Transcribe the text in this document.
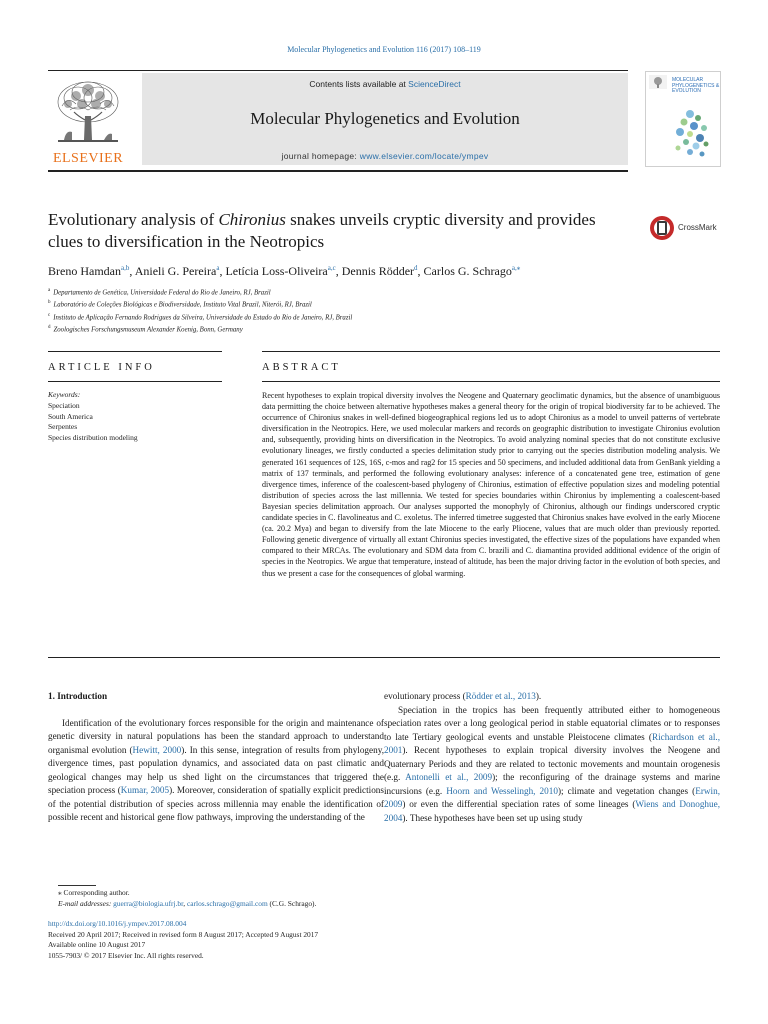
Molecular Phylogenetics and Evolution 116 (2017) 108–119
ELSEVIER
Contents lists available at ScienceDirect
Molecular Phylogenetics and Evolution
journal homepage: www.elsevier.com/locate/ympev
MOLECULAR PHYLOGENETICS & EVOLUTION
Evolutionary analysis of Chironius snakes unveils cryptic diversity and provides clues to diversification in the Neotropics
CrossMark
Breno Hamdan$^{a,b}$, Anieli G. Pereira$^a$, Letícia Loss-Oliveira$^{a,c}$, Dennis Rödder$^d$, Carlos G. Schrago$^{a,⁎}$
$^a$ Departamento de Genética, Universidade Federal do Rio de Janeiro, RJ, Brazil
$^b$ Laboratório de Coleções Biológicas e Biodiversidade, Instituto Vital Brazil, Niterói, RJ, Brazil
$^c$ Instituto de Aplicação Fernando Rodrigues da Silveira, Universidade do Estado do Rio de Janeiro, RJ, Brazil
$^d$ Zoologisches Forschungsmuseum Alexander Koenig, Bonn, Germany
ARTICLE INFO	ABSTRACT
Keywords:
Speciation
South America
Serpentes
Species distribution modeling
Recent hypotheses to explain tropical diversity involves the Neogene and Quaternary geoclimatic dynamics, but the absence of unambiguous data permitting the choice between alternative hypotheses makes a general theory for the origin of tropical biodiversity far to be achieved. The occurrence of Chironius snakes in well-defined biogeographical regions led us to adopt Chironius as a model to unveil patterns of vertebrate diversification in the Neotropics. Here, we used molecular markers and records on geographic distribution to investigate Chironius evolution and, subsequently, providing hints on diversification in the Neotropics. To avoid analyzing nominal species that do not constitute exclusive evolutionary lineages, we firstly conducted a species delimitation study prior to carrying out the species distribution modeling analysis. We generated 161 sequences of 12S, 16S, c-mos and rag2 for 15 species and 50 specimens, and included additional data from GenBank yielding a matrix of 137 terminals, and performed the following evolutionary analyses: inference of a concatenated gene tree, estimation of gene divergence times, inference of the coalescent-based phylogeny of Chironius, estimation of effective population sizes and modeling potential distribution of species across the last millennia. We tested for species boundaries within Chironius by implementing a coalescent-based Bayesian species delimitation approach. Our analyses supported the monophyly of Chironius, although our findings underscored cryptic candidate species in C. flavolineatus and C. exoletus. The inferred timetree suggested that Chironius snakes have evolved in the early Miocene (ca. 20.2 Mya) and began to diversify from the late Miocene to the early Pliocene, values that are much older than previously reported. Following genetic divergence of virtually all extant Chironius species investigated, the effective sizes of the populations have expanded when compared to their MRCAs. The evolutionary and SDM data from C. brazili and C. diamantina provided additional evidence of the origin of species in the Neotropics. We argue that temperature, instead of altitude, has been the major driving factor in the evolution of both species, and thus we present a case for the consequences of global warming.
1. Introduction

Identification of the evolutionary forces responsible for the origin and maintenance of genetic diversity in natural populations has been the standard approach to understand organismal evolution (Hewitt, 2000). In this sense, integration of results from phylogeny, divergence times, past population dynamics, and associated data on past climatic and geological changes may help us shed light on the circumstances that triggered the speciation process (Kumar, 2005). Moreover, consideration of spatially explicit predictions of the potential distribution of species across millennia may enable the identification of possible recent and historical gene flow pathways, improving the understanding of the

evolutionary process (Rödder et al., 2013).

Speciation in the tropics has been frequently attributed either to homogeneous speciation rates over a long geological period in stable equatorial climates or to responses to late Tertiary geological events and unstable Pleistocene climates (Richardson et al., 2001). Recent hypotheses to explain tropical diversity involves the Neogene and Quaternary Periods and they are related to tectonic movements and mountain orogenesis (e.g. Antonelli et al., 2009); the reconfiguring of the drainage systems and marine incursions (e.g. Hoorn and Wesselingh, 2010); climate and vegetation changes (Erwin, 2009) or even the differential speciation rates of some lineages (Wiens and Donoghue, 2004). These hypotheses have been set up using study

⁎ Corresponding author.
E-mail addresses: guerra@biologia.ufrj.br, carlos.schrago@gmail.com (C.G. Schrago).
http://dx.doi.org/10.1016/j.ympev.2017.08.004
Received 20 April 2017; Received in revised form 8 August 2017; Accepted 9 August 2017
Available online 10 August 2017
1055-7903/ © 2017 Elsevier Inc. All rights reserved.
